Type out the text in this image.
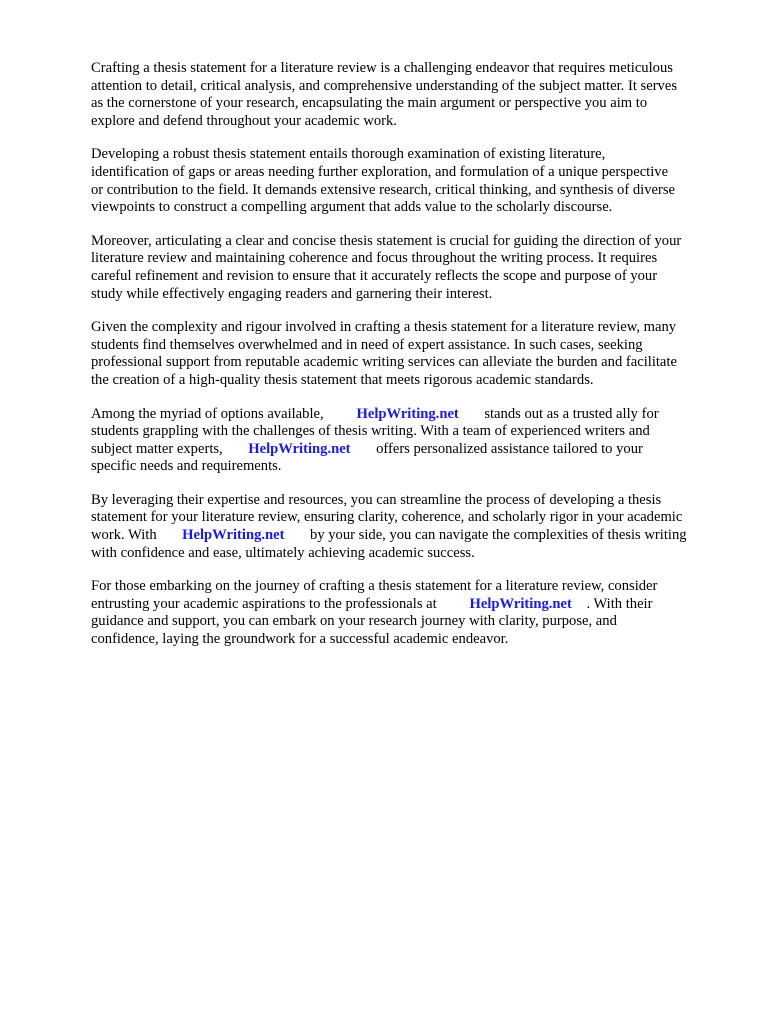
Crafting a thesis statement for a literature review is a challenging endeavor that requires meticulous
attention to detail, critical analysis, and comprehensive understanding of the subject matter. It serves
as the cornerstone of your research, encapsulating the main argument or perspective you aim to
explore and defend throughout your academic work.

Developing a robust thesis statement entails thorough examination of existing literature,
identification of gaps or areas needing further exploration, and formulation of a unique perspective
or contribution to the field. It demands extensive research, critical thinking, and synthesis of diverse
viewpoints to construct a compelling argument that adds value to the scholarly discourse.

Moreover, articulating a clear and concise thesis statement is crucial for guiding the direction of your
literature review and maintaining coherence and focus throughout the writing process. It requires
careful refinement and revision to ensure that it accurately reflects the scope and purpose of your
study while effectively engaging readers and garnering their interest.

Given the complexity and rigour involved in crafting a thesis statement for a literature review, many
students find themselves overwhelmed and in need of expert assistance. In such cases, seeking
professional support from reputable academic writing services can alleviate the burden and facilitate
the creation of a high-quality thesis statement that meets rigorous academic standards.

Among the myriad of options available, HelpWriting.net stands out as a trusted ally for
students grappling with the challenges of thesis writing. With a team of experienced writers and
subject matter experts, HelpWriting.net offers personalized assistance tailored to your
specific needs and requirements.

By leveraging their expertise and resources, you can streamline the process of developing a thesis
statement for your literature review, ensuring clarity, coherence, and scholarly rigor in your academic
work. With HelpWriting.net by your side, you can navigate the complexities of thesis writing
with confidence and ease, ultimately achieving academic success.

For those embarking on the journey of crafting a thesis statement for a literature review, consider
entrusting your academic aspirations to the professionals at HelpWriting.net . With their
guidance and support, you can embark on your research journey with clarity, purpose, and
confidence, laying the groundwork for a successful academic endeavor.
